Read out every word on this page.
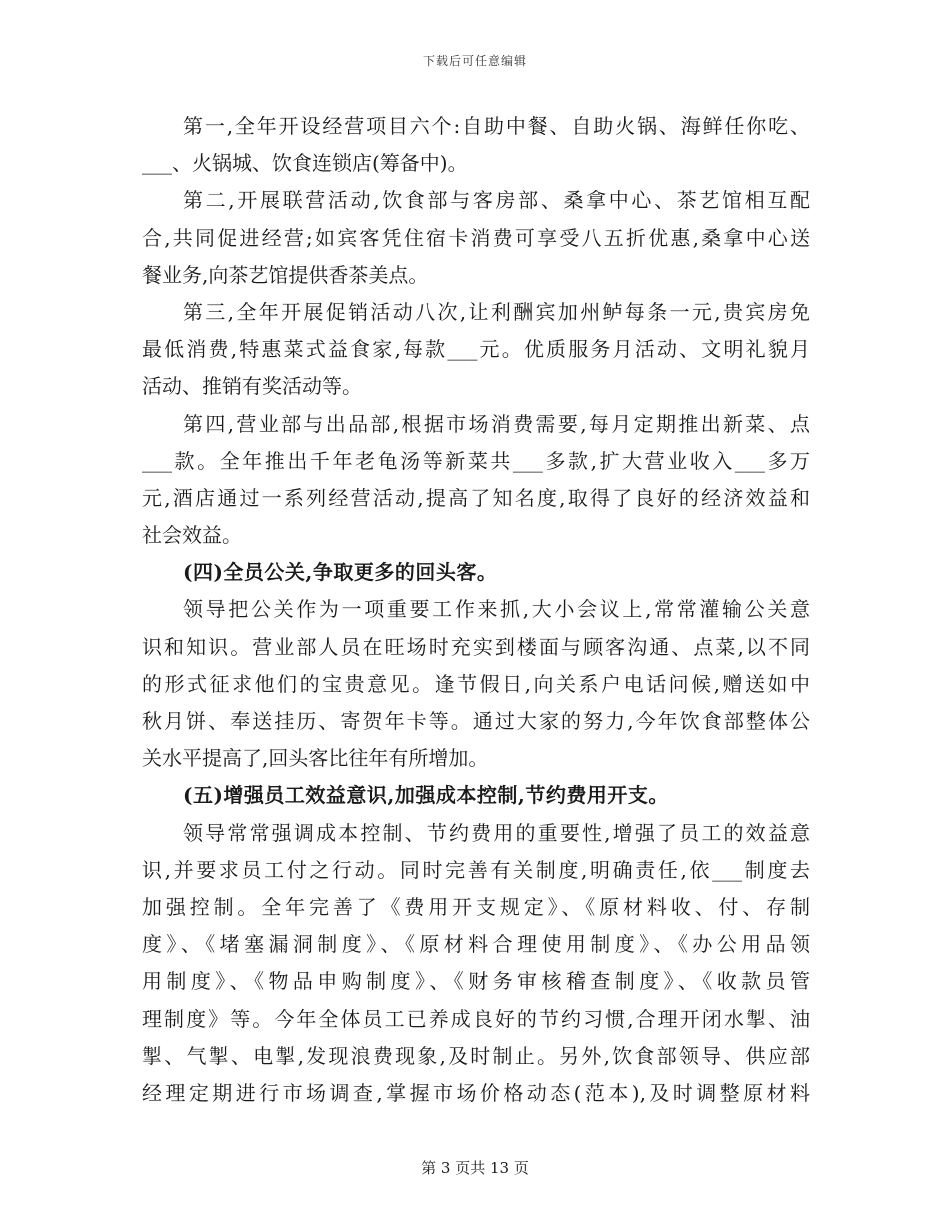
下载后可任意编辑
第一,全年开设经营项目六个:自助中餐、自助火锅、海鲜任你吃、
___、火锅城、饮食连锁店(筹备中)。
第二,开展联营活动,饮食部与客房部、桑拿中心、茶艺馆相互配
合,共同促进经营;如宾客凭住宿卡消费可享受八五折优惠,桑拿中心送
餐业务,向茶艺馆提供香茶美点。
第三,全年开展促销活动八次,让利酬宾加州鲈每条一元,贵宾房免
最低消费,特惠菜式益食家,每款___元。优质服务月活动、文明礼貌月
活动、推销有奖活动等。
第四,营业部与出品部,根据市场消费需要,每月定期推出新菜、点
___款。全年推出千年老龟汤等新菜共___多款,扩大营业收入___多万
元,酒店通过一系列经营活动,提高了知名度,取得了良好的经济效益和
社会效益。
(四)全员公关,争取更多的回头客。
领导把公关作为一项重要工作来抓,大小会议上,常常灌输公关意
识和知识。营业部人员在旺场时充实到楼面与顾客沟通、点菜,以不同
的形式征求他们的宝贵意见。逢节假日,向关系户电话问候,赠送如中
秋月饼、奉送挂历、寄贺年卡等。通过大家的努力,今年饮食部整体公
关水平提高了,回头客比往年有所增加。
(五)增强员工效益意识,加强成本控制,节约费用开支。
领导常常强调成本控制、节约费用的重要性,增强了员工的效益意
识,并要求员工付之行动。同时完善有关制度,明确责任,依___制度去
加强控制。全年完善了《费用开支规定》、《原材料收、付、存制
度》、《堵塞漏洞制度》、《原材料合理使用制度》、《办公用品领
用制度》、《物品申购制度》、《财务审核稽查制度》、《收款员管
理制度》等。今年全体员工已养成良好的节约习惯,合理开闭水掣、油
掣、气掣、电掣,发现浪费现象,及时制止。另外,饮食部领导、供应部
经理定期进行市场调查,掌握市场价格动态(范本),及时调整原材料
第 3 页共 13 页
